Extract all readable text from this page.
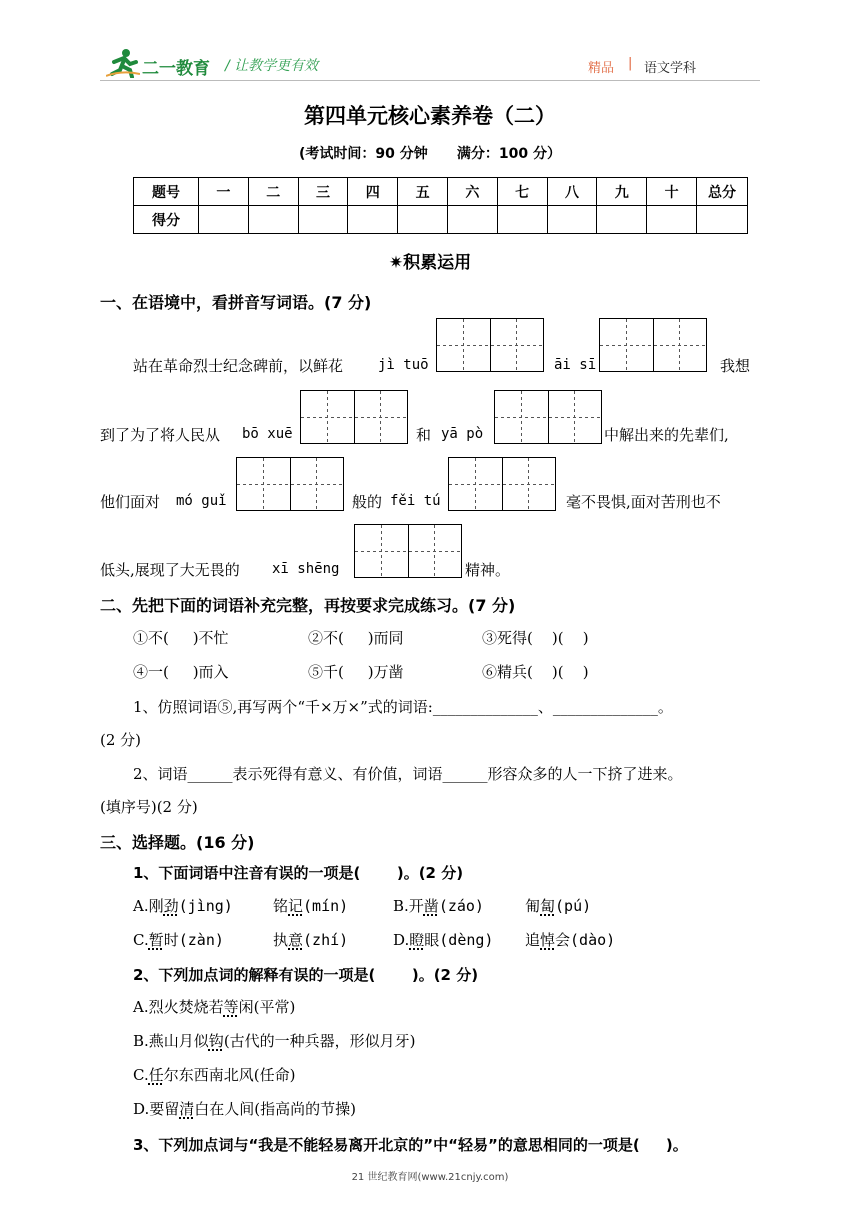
二一教育 / 让教学更有效	精品 | 语文学科
第四单元核心素养卷（二）
(考试时间：90 分钟      满分：100 分）
题号	一	二	三	四	五	六	七	八	九	十	总分
得分											
✷积累运用
一、在语境中，看拼音写词语。(7 分)
站在革命烈士纪念碑前，以鲜花 jì tuō	āi sī	我想
到了为了将人民从 bō xuē	和 yā pò	中解出来的先辈们,
他们面对 mó guǐ	般的 fěi tú	毫不畏惧,面对苦刑也不
低头,展现了大无畏的 xī shēng	精神。
二、先把下面的词语补充完整，再按要求完成练习。(7 分)
①不(     )不忙	②不(     )而同	③死得(    )(    )
④一(     )而入	⑤千(     )万凿	⑥精兵(    )(    )
1、仿照词语⑤,再写两个“千×万×”式的词语:______________、______________。
(2 分)
2、词语______表示死得有意义、有价值，词语______形容众多的人一下挤了进来。
(填序号)(2 分)
三、选择题。(16 分)
1、下面词语中注音有误的一项是(       )。(2 分)
A.刚劲(jìng)	铭记(mín)	B.开凿(záo)	匍匐(pú)
C.暂时(zàn)	执意(zhí)	D.瞪眼(dèng) 追悼会(dào)
2、下列加点词的解释有误的一项是(       )。(2 分)
A.烈火焚烧若等闲(平常)
B.燕山月似钩(古代的一种兵器，形似月牙)
C.任尔东西南北风(任命)
D.要留清白在人间(指高尚的节操)
3、下列加点词与“我是不能轻易离开北京的”中“轻易”的意思相同的一项是(     )。
21 世纪教育网(www.21cnjy.com)
